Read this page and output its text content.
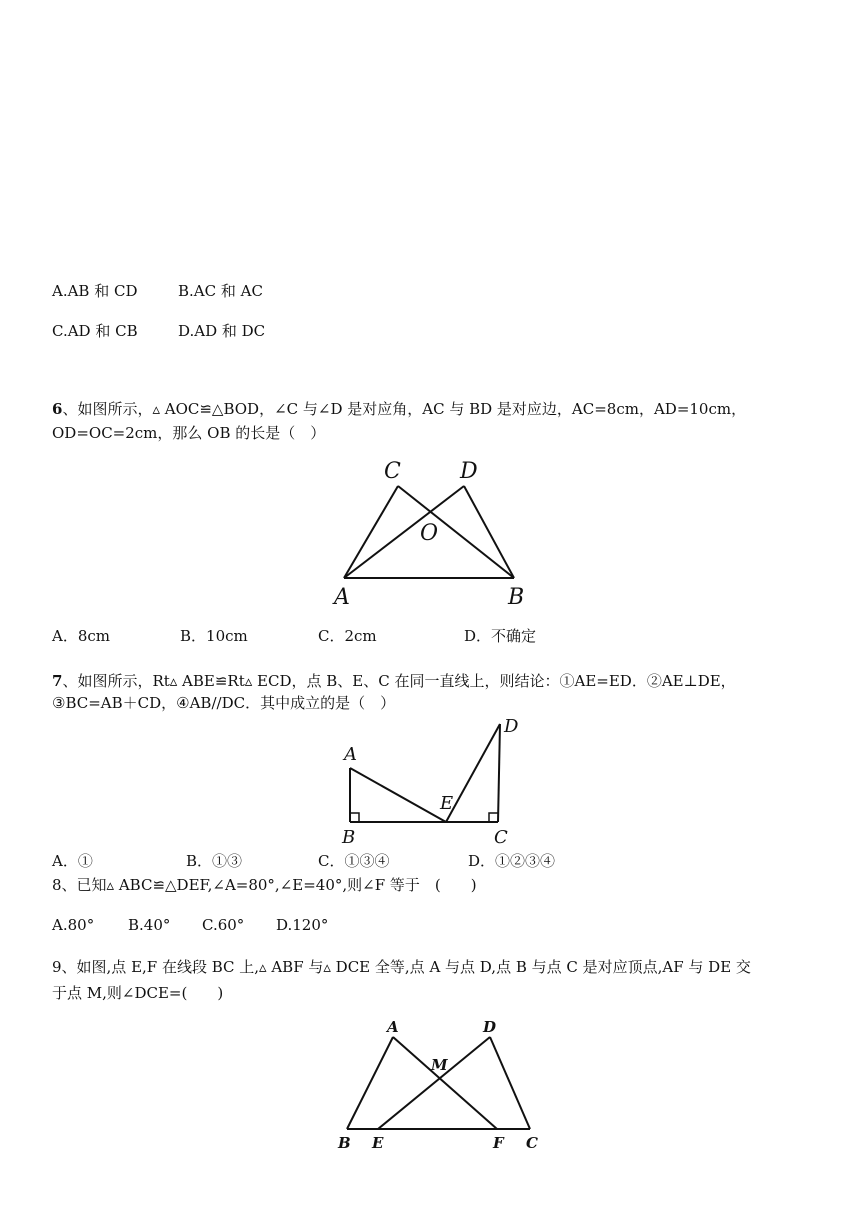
A.AB 和 CD	B.AC 和 AC
C.AD 和 CB	D.AD 和 DC
6、如图所示，▵ AOC≌△BOD，∠C 与∠D 是对应角，AC 与 BD 是对应边，AC=8cm，AD=10cm，
OD=OC=2cm，那么 OB 的长是（　）
C	D
O
A	B
A．8cm	B．10cm	C．2cm	D．不确定
7、如图所示，Rt▵ ABE≌Rt▵ ECD，点 B、E、C 在同一直线上，则结论：①AE=ED．②AE⊥DE，
③BC=AB＋CD，④AB//DC．其中成立的是（　）
A
B
E
C
D
A．①	B．①③	C．①③④	D．①②③④
8、已知▵ ABC≌△DEF,∠A=80°,∠E=40°,则∠F 等于　(　　)
A.80° B.40° C.60° D.120°
9、如图,点 E,F 在线段 BC 上,▵ ABF 与▵ DCE 全等,点 A 与点 D,点 B 与点 C 是对应顶点,AF 与 DE 交
于点 M,则∠DCE=(　　)
A	D
M
B E	F C
